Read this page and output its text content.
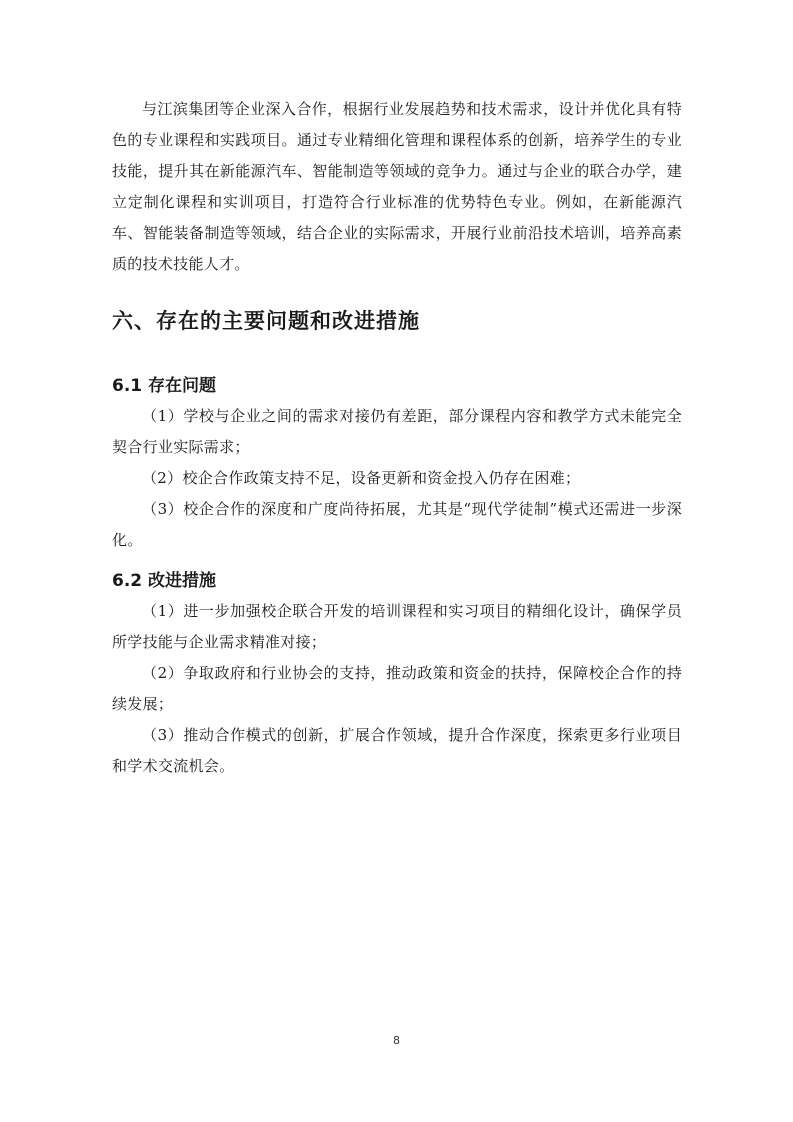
与江滨集团等企业深入合作，根据行业发展趋势和技术需求，设计并优化具有特色的专业课程和实践项目。通过专业精细化管理和课程体系的创新，培养学生的专业技能，提升其在新能源汽车、智能制造等领域的竞争力。通过与企业的联合办学，建立定制化课程和实训项目，打造符合行业标准的优势特色专业。例如，在新能源汽车、智能装备制造等领域，结合企业的实际需求，开展行业前沿技术培训，培养高素质的技术技能人才。

六、存在的主要问题和改进措施
6.1 存在问题

（1）学校与企业之间的需求对接仍有差距，部分课程内容和教学方式未能完全契合行业实际需求；

（2）校企合作政策支持不足，设备更新和资金投入仍存在困难；

（3）校企合作的深度和广度尚待拓展，尤其是“现代学徒制”模式还需进一步深化。

6.2 改进措施

（1）进一步加强校企联合开发的培训课程和实习项目的精细化设计，确保学员所学技能与企业需求精准对接；

（2）争取政府和行业协会的支持，推动政策和资金的扶持，保障校企合作的持续发展；

（3）推动合作模式的创新，扩展合作领域，提升合作深度，探索更多行业项目和学术交流机会。

8
